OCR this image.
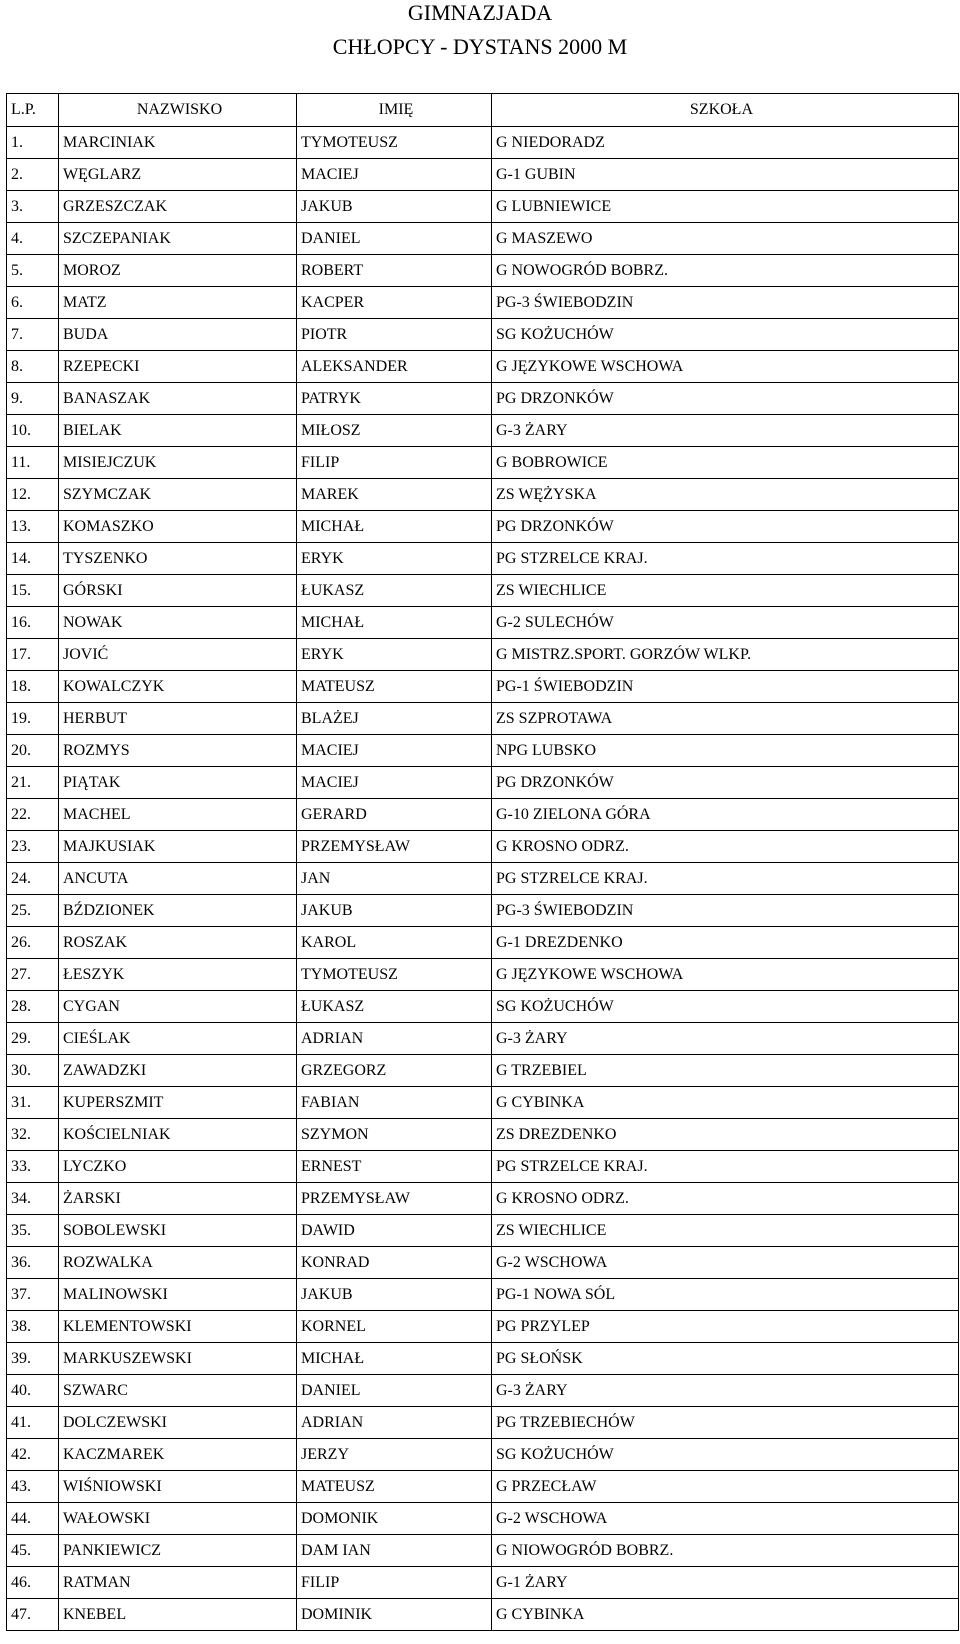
GIMNAZJADA
CHŁOPCY - DYSTANS 2000 M
L.P.	NAZWISKO	IMIĘ	SZKOŁA
1.	MARCINIAK	TYMOTEUSZ	G NIEDORADZ
2.	WĘGLARZ	MACIEJ	G-1 GUBIN
3.	GRZESZCZAK	JAKUB	G LUBNIEWICE
4.	SZCZEPANIAK	DANIEL	G MASZEWO
5.	MOROZ	ROBERT	G NOWOGRÓD BOBRZ.
6.	MATZ	KACPER	PG-3 ŚWIEBODZIN
7.	BUDA	PIOTR	SG KOŻUCHÓW
8.	RZEPECKI	ALEKSANDER	G JĘZYKOWE WSCHOWA
9.	BANASZAK	PATRYK	PG DRZONKÓW
10.	BIELAK	MIŁOSZ	G-3 ŻARY
11.	MISIEJCZUK	FILIP	G BOBROWICE
12.	SZYMCZAK	MAREK	ZS WĘŻYSKA
13.	KOMASZKO	MICHAŁ	PG DRZONKÓW
14.	TYSZENKO	ERYK	PG STZRELCE KRAJ.
15.	GÓRSKI	ŁUKASZ	ZS WIECHLICE
16.	NOWAK	MICHAŁ	G-2 SULECHÓW
17.	JOVIĆ	ERYK	G MISTRZ.SPORT. GORZÓW WLKP.
18.	KOWALCZYK	MATEUSZ	PG-1 ŚWIEBODZIN
19.	HERBUT	BLAŻEJ	ZS SZPROTAWA
20.	ROZMYS	MACIEJ	NPG LUBSKO
21.	PIĄTAK	MACIEJ	PG DRZONKÓW
22.	MACHEL	GERARD	G-10 ZIELONA GÓRA
23.	MAJKUSIAK	PRZEMYSŁAW	G KROSNO ODRZ.
24.	ANCUTA	JAN	PG STZRELCE KRAJ.
25.	BŹDZIONEK	JAKUB	PG-3 ŚWIEBODZIN
26.	ROSZAK	KAROL	G-1 DREZDENKO
27.	ŁESZYK	TYMOTEUSZ	G JĘZYKOWE WSCHOWA
28.	CYGAN	ŁUKASZ	SG KOŻUCHÓW
29.	CIEŚLAK	ADRIAN	G-3 ŻARY
30.	ZAWADZKI	GRZEGORZ	G TRZEBIEL
31.	KUPERSZMIT	FABIAN	G CYBINKA
32.	KOŚCIELNIAK	SZYMON	ZS DREZDENKO
33.	LYCZKO	ERNEST	PG STRZELCE KRAJ.
34.	ŻARSKI	PRZEMYSŁAW	G KROSNO ODRZ.
35.	SOBOLEWSKI	DAWID	ZS WIECHLICE
36.	ROZWALKA	KONRAD	G-2 WSCHOWA
37.	MALINOWSKI	JAKUB	PG-1 NOWA SÓL
38.	KLEMENTOWSKI	KORNEL	PG PRZYLEP
39.	MARKUSZEWSKI	MICHAŁ	PG SŁOŃSK
40.	SZWARC	DANIEL	G-3 ŻARY
41.	DOLCZEWSKI	ADRIAN	PG TRZEBIECHÓW
42.	KACZMAREK	JERZY	SG KOŻUCHÓW
43.	WIŚNIOWSKI	MATEUSZ	G PRZECŁAW
44.	WAŁOWSKI	DOMONIK	G-2 WSCHOWA
45.	PANKIEWICZ	DAM IAN	G NIOWOGRÓD BOBRZ.
46.	RATMAN	FILIP	G-1 ŻARY
47.	KNEBEL	DOMINIK	G CYBINKA
